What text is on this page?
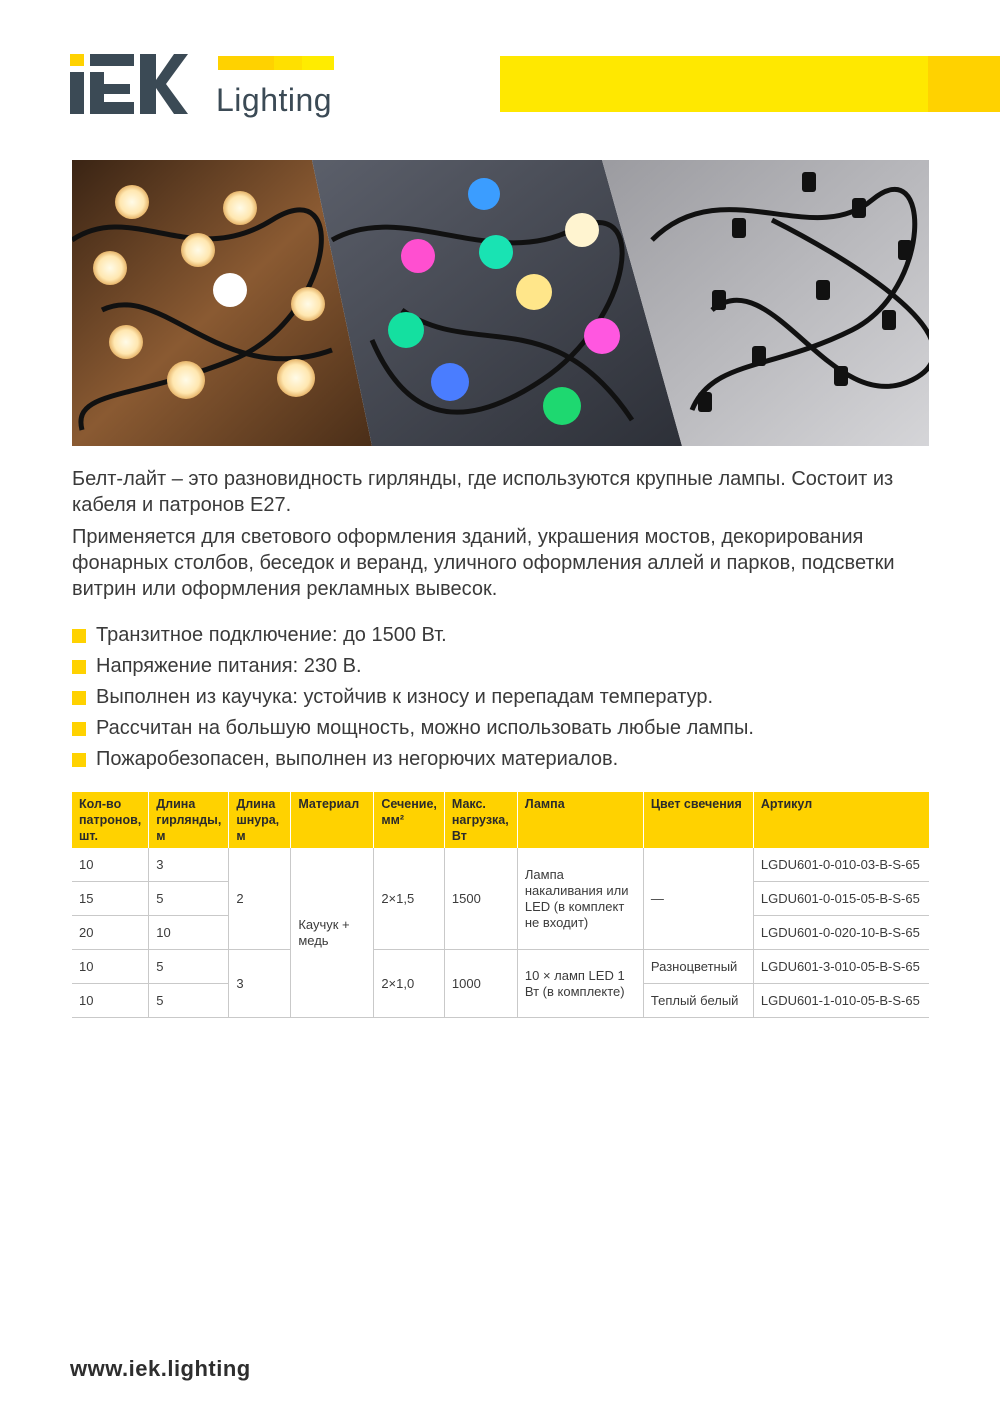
Lighting

Белт-лайт – это разновидность гирлянды, где используются крупные лампы. Состоит из кабеля и патронов E27.

Применяется для светового оформления зданий, украшения мостов, декорирования фонарных столбов, беседок и веранд, уличного оформления аллей и парков, подсветки витрин или оформления рекламных вывесок.

Транзитное подключение: до 1500 Вт.
Напряжение питания: 230 В.
Выполнен из каучука: устойчив к износу и перепадам температур.
Рассчитан на большую мощность, можно использовать любые лампы.
Пожаробезопасен, выполнен из негорючих материалов.
Кол-во патронов, шт.	Длина гирлянды, м	Длина шнура, м	Материал	Сечение, мм²	Макс. нагрузка, Вт	Лампа	Цвет свечения	Артикул
10	3	2	Каучук + медь	2×1,5	1500	Лампа накаливания или LED (в комплект не входит)	—	LGDU601-0-010-03-B-S-65
15	5							LGDU601-0-015-05-B-S-65
20	10							LGDU601-0-020-10-B-S-65
10	5	3		2×1,0	1000	10 × ламп LED 1 Вт (в комплекте)	Разноцветный	LGDU601-3-010-05-B-S-65
10	5						Теплый белый	LGDU601-1-010-05-B-S-65
www.iek.lighting
